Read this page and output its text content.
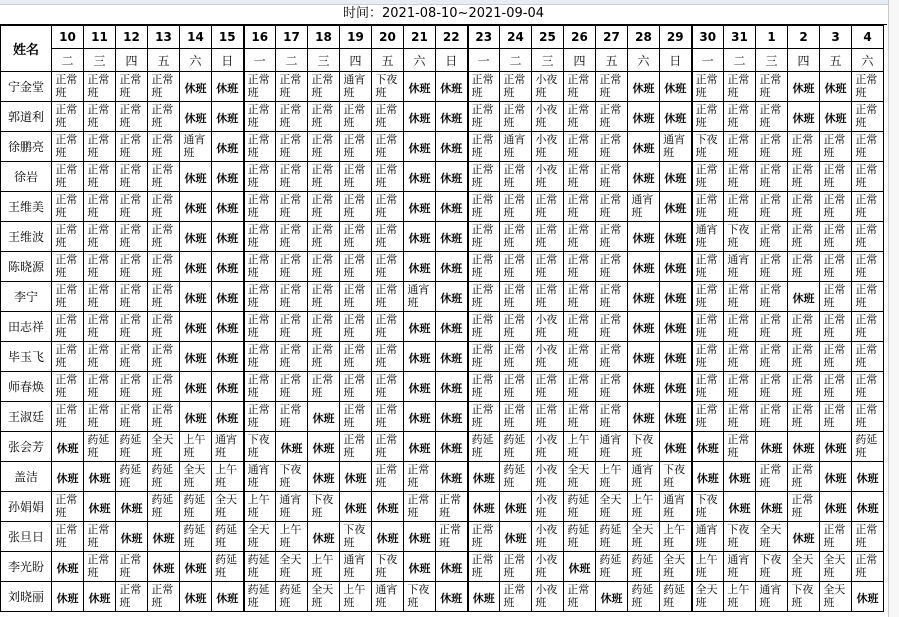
时间：2021-08-10~2021-09-04
姓名	10	11	12	13	14	15	16	17	18	19	20	21	22	23	24	25	26	27	28	29	30	31	1	2	3	4
	二	三	四	五	六	日	一	二	三	四	五	六	日	一	二	三	四	五	六	日	一	二	三	四	五	六
宁金堂	正常班	正常班	正常班	正常班	休班	休班	正常班	正常班	正常班	通宵班	下夜班	休班	休班	正常班	正常班	小夜班	正常班	正常班	休班	休班	正常班	正常班	正常班	休班	休班	正常班
郭道利	正常班	正常班	正常班	正常班	休班	休班	正常班	正常班	正常班	正常班	正常班	休班	休班	正常班	正常班	小夜班	正常班	正常班	休班	休班	正常班	正常班	正常班	休班	休班	正常班
徐鹏亮	正常班	正常班	正常班	正常班	通宵班	休班	正常班	正常班	正常班	正常班	正常班	休班	休班	正常班	通宵班	小夜班	正常班	正常班	休班	通宵班	下夜班	正常班	正常班	正常班	正常班	正常班
徐岩	正常班	正常班	正常班	正常班	休班	休班	正常班	正常班	正常班	正常班	正常班	休班	休班	正常班	正常班	小夜班	正常班	正常班	休班	休班	正常班	正常班	正常班	正常班	正常班	正常班
王维美	正常班	正常班	正常班	正常班	休班	休班	正常班	正常班	正常班	正常班	正常班	休班	休班	正常班	正常班	正常班	正常班	正常班	通宵班	休班	正常班	正常班	正常班	正常班	正常班	正常班
王维波	正常班	正常班	正常班	正常班	休班	休班	正常班	正常班	正常班	正常班	正常班	休班	休班	正常班	正常班	正常班	正常班	正常班	休班	休班	通宵班	下夜班	正常班	正常班	正常班	正常班
陈晓源	正常班	正常班	正常班	正常班	休班	休班	正常班	正常班	正常班	正常班	正常班	休班	休班	正常班	正常班	正常班	正常班	正常班	休班	休班	正常班	通宵班	正常班	正常班	正常班	正常班
李宁	正常班	正常班	正常班	正常班	休班	休班	正常班	正常班	正常班	正常班	正常班	通宵班	休班	正常班	正常班	正常班	正常班	正常班	休班	休班	正常班	正常班	正常班	休班	正常班	正常班
田志祥	正常班	正常班	正常班	正常班	休班	休班	正常班	正常班	正常班	正常班	正常班	休班	休班	正常班	正常班	小夜班	正常班	正常班	休班	休班	正常班	正常班	正常班	正常班	正常班	正常班
毕玉飞	正常班	正常班	正常班	正常班	休班	休班	正常班	正常班	正常班	正常班	正常班	休班	休班	正常班	正常班	小夜班	正常班	正常班	休班	休班	正常班	正常班	正常班	正常班	正常班	正常班
师春焕	正常班	正常班	正常班	正常班	休班	休班	正常班	正常班	正常班	正常班	正常班	休班	休班	正常班	正常班	正常班	正常班	正常班	休班	休班	正常班	正常班	正常班	正常班	正常班	正常班
王淑廷	正常班	正常班	正常班	正常班	休班	休班	正常班	正常班	休班	正常班	正常班	休班	休班	正常班	正常班	正常班	正常班	正常班	休班	休班	正常班	正常班	正常班	正常班	正常班	正常班
张会芳	休班	药延班	药延班	全天班	上午班	通宵班	下夜班	休班	休班	正常班	正常班	休班	休班	药延班	药延班	小夜班	上午班	通宵班	下夜班	休班	休班	正常班	休班	休班	休班	药延班
盖洁	休班	休班	药延班	药延班	全天班	上午班	通宵班	下夜班	休班	休班	正常班	正常班	休班	休班	药延班	小夜班	全天班	上午班	通宵班	下夜班	休班	休班	正常班	正常班	休班	休班
孙娟娟	正常班	休班	休班	药延班	药延班	全天班	上午班	通宵班	下夜班	休班	休班	正常班	正常班	休班	休班	小夜班	药延班	全天班	上午班	通宵班	下夜班	休班	休班	正常班	休班	休班
张旦日	正常班	正常班	休班	休班	药延班	药延班	全天班	上午班	休班	下夜班	休班	休班	正常班	正常班	休班	小夜班	药延班	药延班	全天班	上午班	通宵班	下夜班	全天班	休班	正常班	正常班
李光盼	休班	正常班	正常班	休班	休班	药延班	药延班	全天班	上午班	通宵班	下夜班	休班	休班	正常班	正常班	小夜班	休班	药延班	药延班	全天班	上午班	通宵班	下夜班	全天班	全天班	正常班
刘晓丽	休班	休班	正常班	正常班	休班	休班	药延班	药延班	全天班	上午班	通宵班	下夜班	休班	休班	正常班	小夜班	正常班	休班	药延班	药延班	全天班	上午班	通宵班	下夜班	全天班	休班
